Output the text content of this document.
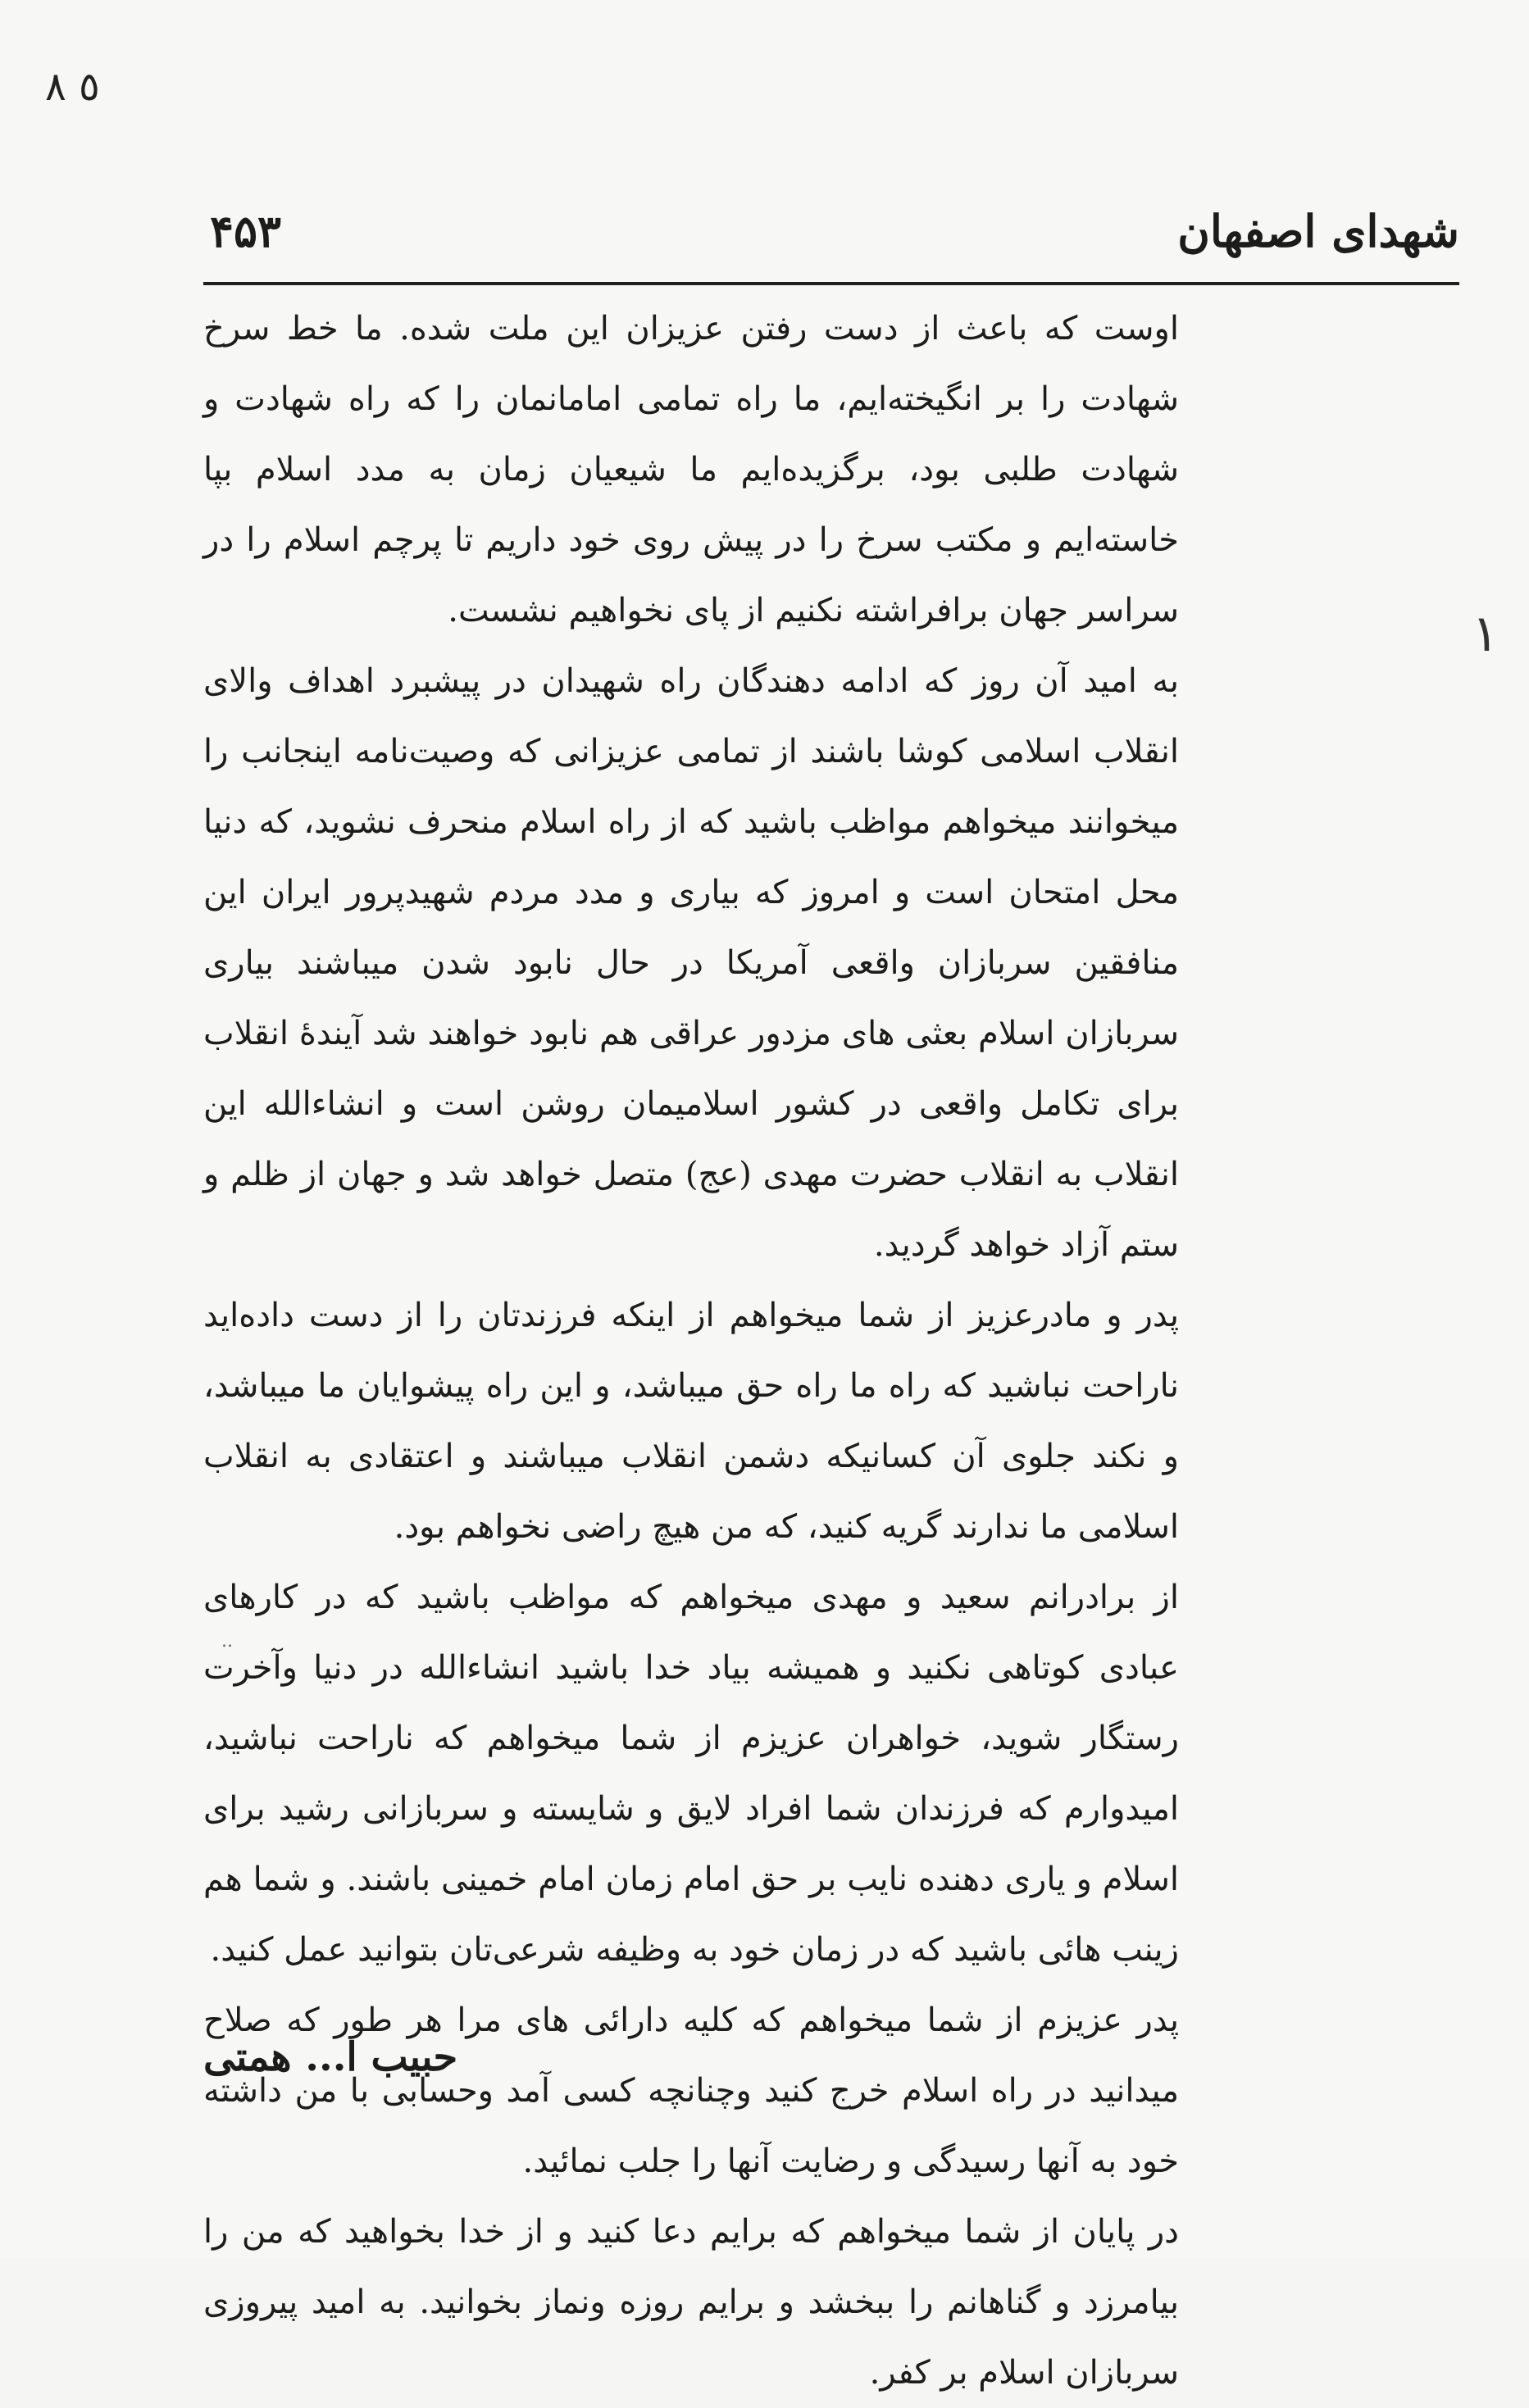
٥ ٨
شهدای اصفهان
۴۵۳
١
..

اوست که باعث از دست رفتن عزیزان این ملت شده. ما خط سرخ شهادت را بر انگیخته‌ایم، ما راه تمامی امامانمان را که راه شهادت و شهادت طلبی بود، برگزیده‌ایم ما شیعیان زمان به مدد اسلام بپا خاسته‌ایم و مکتب سرخ را در پیش روی خود داریم تا پرچم اسلام را در سراسر جهان برافراشته نکنیم از پای نخواهیم نشست.

به امید آن روز که ادامه دهندگان راه شهیدان در پیشبرد اهداف والای انقلاب اسلامی کوشا باشند از تمامی عزیزانی که وصیت‌نامه اینجانب را میخوانند میخواهم مواظب باشید که از راه اسلام منحرف نشوید، که دنیا محل امتحان است و امروز که بیاری و مدد مردم شهیدپرور ایران این منافقین سربازان واقعی آمریکا در حال نابود شدن میباشند بیاری سربازان اسلام بعثی های مزدور عراقی هم نابود خواهند شد آیندهٔ انقلاب برای تکامل واقعی در کشور اسلامیمان روشن است و انشاء‌الله این انقلاب به انقلاب حضرت مهدی (عج) متصل خواهد شد و جهان از ظلم و ستم آزاد خواهد گردید.

پدر و مادرعزیز از شما میخواهم از اینکه فرزندتان را از دست داده‌اید ناراحت نباشید که راه ما راه حق میباشد، و این راه پیشوایان ما میباشد، و نکند جلوی آن کسانیکه دشمن انقلاب میباشند و اعتقادی به انقلاب اسلامی ما ندارند گریه کنید، که من هیچ راضی نخواهم بود.

از برادرانم سعید و مهدی میخواهم که مواظب باشید که در کارهای عبادی کوتاهی نکنید و همیشه بیاد خدا باشید انشاء‌الله در دنیا وآخرت رستگار شوید، خواهران عزیزم از شما میخواهم که ناراحت نباشید، امیدوارم که فرزندان شما افراد لایق و شایسته و سربازانی رشید برای اسلام و یاری دهنده نایب بر حق امام زمان امام خمینی باشند. و شما هم زینب هائی باشید که در زمان خود به وظیفه شرعی‌تان بتوانید عمل کنید.

پدر عزیزم از شما میخواهم که کلیه دارائی های مرا هر طور که صلاح میدانید در راه اسلام خرج کنید وچنانچه کسی آمد وحسابی با من داشته خود به آنها رسیدگی و رضایت آنها را جلب نمائید.

در پایان از شما میخواهم که برایم دعا کنید و از خدا بخواهید که من را بیامرزد و گناهانم را ببخشد و برایم روزه ونماز بخوانید. به امید پیروزی سربازان اسلام بر کفر.

حبیب ا... همتی
